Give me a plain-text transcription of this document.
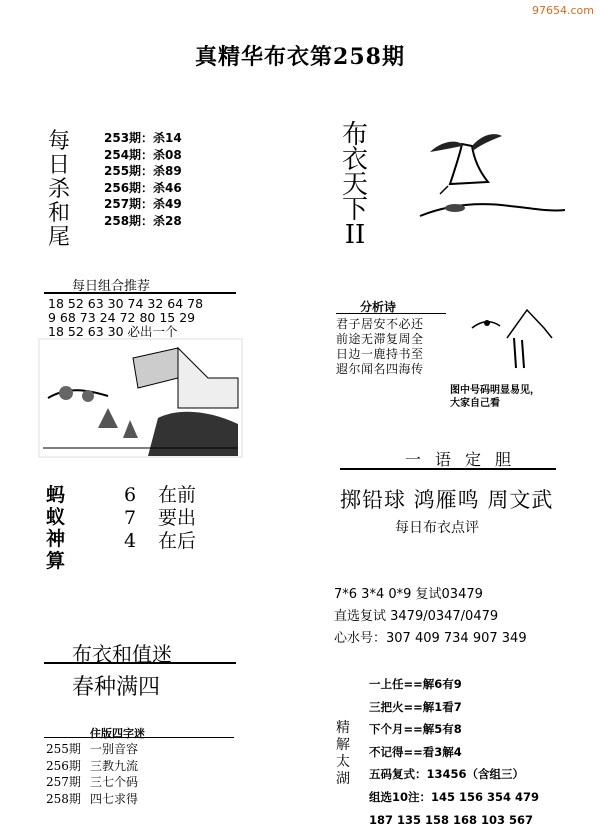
97654.com
真精华布衣第258期
每
日
杀
和
尾
253期：杀14
254期：杀08
255期：杀89
256期：杀46
257期：杀49
258期：杀28
布
衣
天
下
II
每日组合推荐
18 52 63 30 74 32 64 78
9 68 73 24 72 80 15 29
18 52 63 30 必出一个
蚂
蚁
神
算
6 在前
7 要出
4 在后
分析诗
君子居安不必还
前途无滞复周全
日边一鹿持书至
遐尔闻名四海传
图中号码明显易见，
大家自己看
一语定胆
掷铅球 鸿雁鸣 周文武
每日布衣点评
7*6 3*4 0*9 复试03479
直选复试 3479/0347/0479
心水号：307 409 734 907 349
布衣和值迷
春种满四
住版四字迷
255期 一别音容
256期 三教九流
257期 三七个码
258期 四七求得
精
解
太
湖
一上任==解6有9
三把火==解1看7
下个月==解5有8
不记得==看3解4
五码复式：13456（含组三）
组选10注：145 156 354 479
187 135 158 168 103 567
